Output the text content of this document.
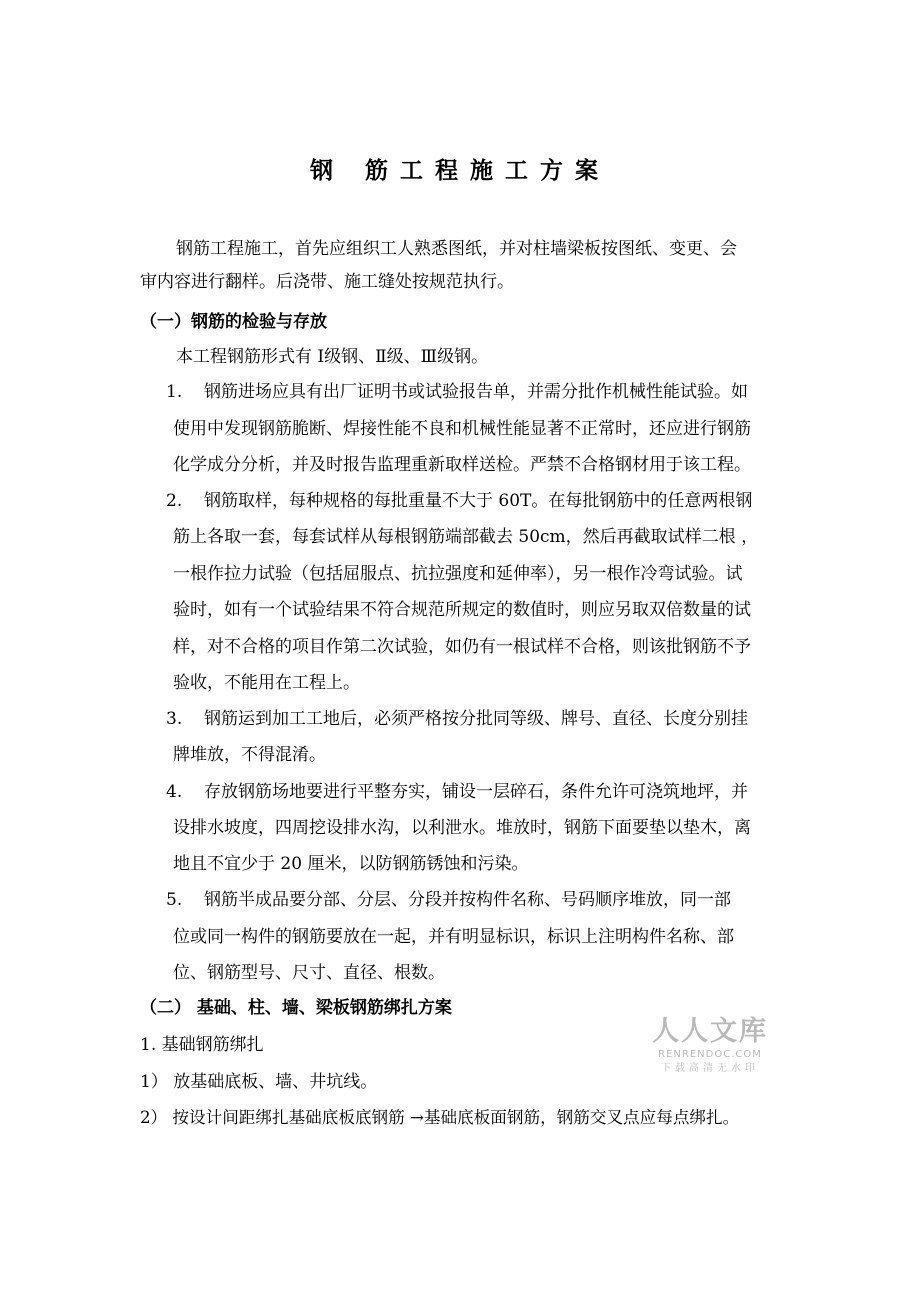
钢 筋工程施工方案
钢筋工程施工，首先应组织工人熟悉图纸，并对柱墙梁板按图纸、变更、会
审内容进行翻样。后浇带、施工缝处按规范执行。
（一）钢筋的检验与存放
本工程钢筋形式有 Ⅰ级钢、Ⅱ级、Ⅲ级钢。
1. 钢筋进场应具有出厂证明书或试验报告单，并需分批作机械性能试验。如
使用中发现钢筋脆断、焊接性能不良和机械性能显著不正常时，还应进行钢筋
化学成分分析，并及时报告监理重新取样送检。严禁不合格钢材用于该工程。
2. 钢筋取样，每种规格的每批重量不大于 60T。在每批钢筋中的任意两根钢
筋上各取一套，每套试样从每根钢筋端部截去 50cm，然后再截取试样二根 ，
一根作拉力试验（包括屈服点、抗拉强度和延伸率），另一根作冷弯试验。试
验时，如有一个试验结果不符合规范所规定的数值时，则应另取双倍数量的试
样，对不合格的项目作第二次试验，如仍有一根试样不合格，则该批钢筋不予
验收，不能用在工程上。
3. 钢筋运到加工工地后，必须严格按分批同等级、牌号、直径、长度分别挂
牌堆放，不得混淆。
4. 存放钢筋场地要进行平整夯实，铺设一层碎石，条件允许可浇筑地坪，并
设排水坡度，四周挖设排水沟，以利泄水。堆放时，钢筋下面要垫以垫木，离
地且不宜少于 20 厘米，以防钢筋锈蚀和污染。
5. 钢筋半成品要分部、分层、分段并按构件名称、号码顺序堆放，同一部
位或同一构件的钢筋要放在一起，并有明显标识，标识上注明构件名称、部
位、钢筋型号、尺寸、直径、根数。
（二） 基础、柱、墙、梁板钢筋绑扎方案
1. 基础钢筋绑扎
1） 放基础底板、墙、井坑线。
2） 按设计间距绑扎基础底板底钢筋 →基础底板面钢筋，钢筋交叉点应每点绑扎。
人人文库
RENRENDOC.COM
下载高清无水印
